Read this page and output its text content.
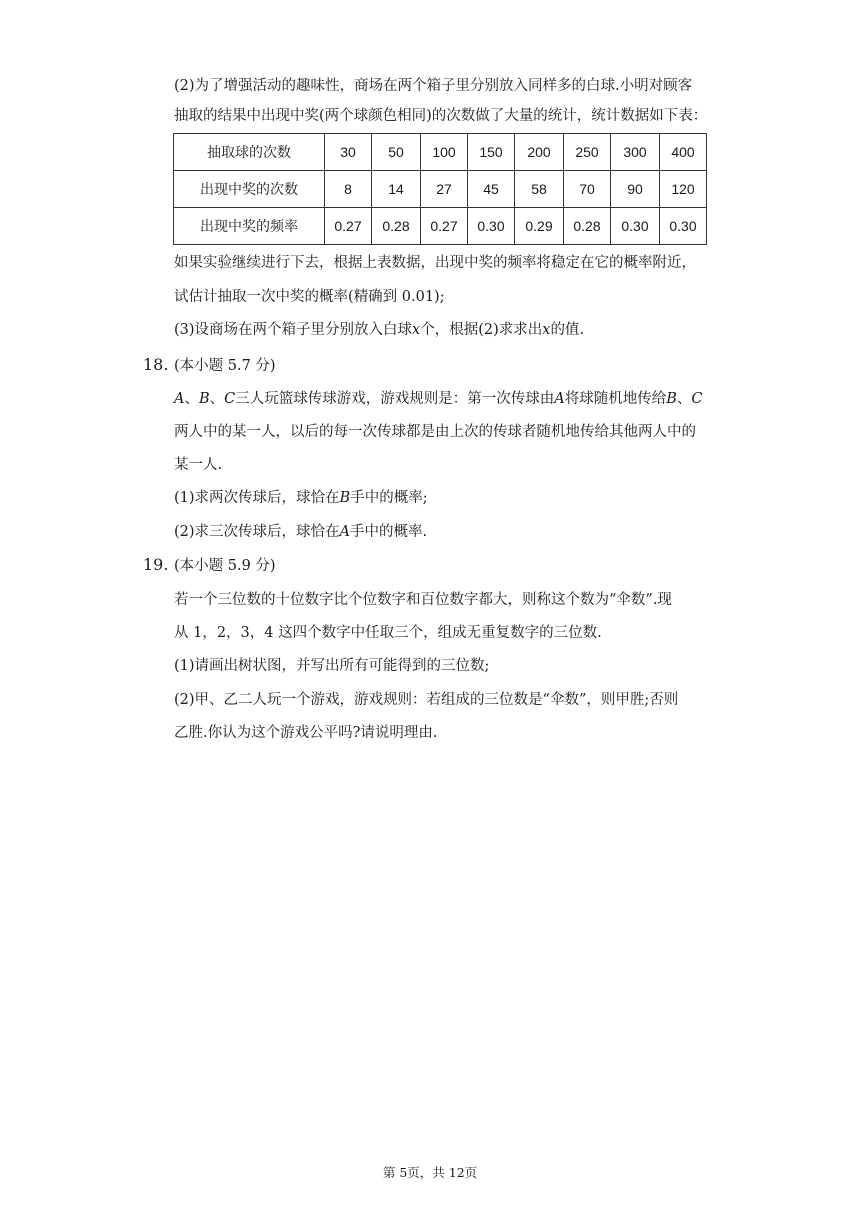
(2)为了增强活动的趣味性，商场在两个箱子里分别放入同样多的白球.小明对顾客
抽取的结果中出现中奖(两个球颜色相同)的次数做了大量的统计，统计数据如下表：
抽取球的次数	30	50	100	150	200	250	300	400
出现中奖的次数	8	14	27	45	58	70	90	120
出现中奖的频率	0.27	0.28	0.27	0.30	0.29	0.28	0.30	0.30
如果实验继续进行下去，根据上表数据，出现中奖的频率将稳定在它的概率附近，
试估计抽取一次中奖的概率(精确到 0.01);
(3)设商场在两个箱子里分别放入白球x个，根据(2)求求出x的值.
18. (本小题 5.7 分)
A、B、C三人玩篮球传球游戏，游戏规则是：第一次传球由A将球随机地传给B、C
两人中的某一人，以后的每一次传球都是由上次的传球者随机地传给其他两人中的
某一人.
(1)求两次传球后，球恰在B手中的概率;
(2)求三次传球后，球恰在A手中的概率.
19. (本小题 5.9 分)
若一个三位数的十位数字比个位数字和百位数字都大，则称这个数为“伞数”.现
从 1，2，3，4 这四个数字中任取三个，组成无重复数字的三位数.
(1)请画出树状图，并写出所有可能得到的三位数;
(2)甲、乙二人玩一个游戏，游戏规则：若组成的三位数是“伞数”，则甲胜;否则
乙胜.你认为这个游戏公平吗?请说明理由.
第 5页，共 12页
